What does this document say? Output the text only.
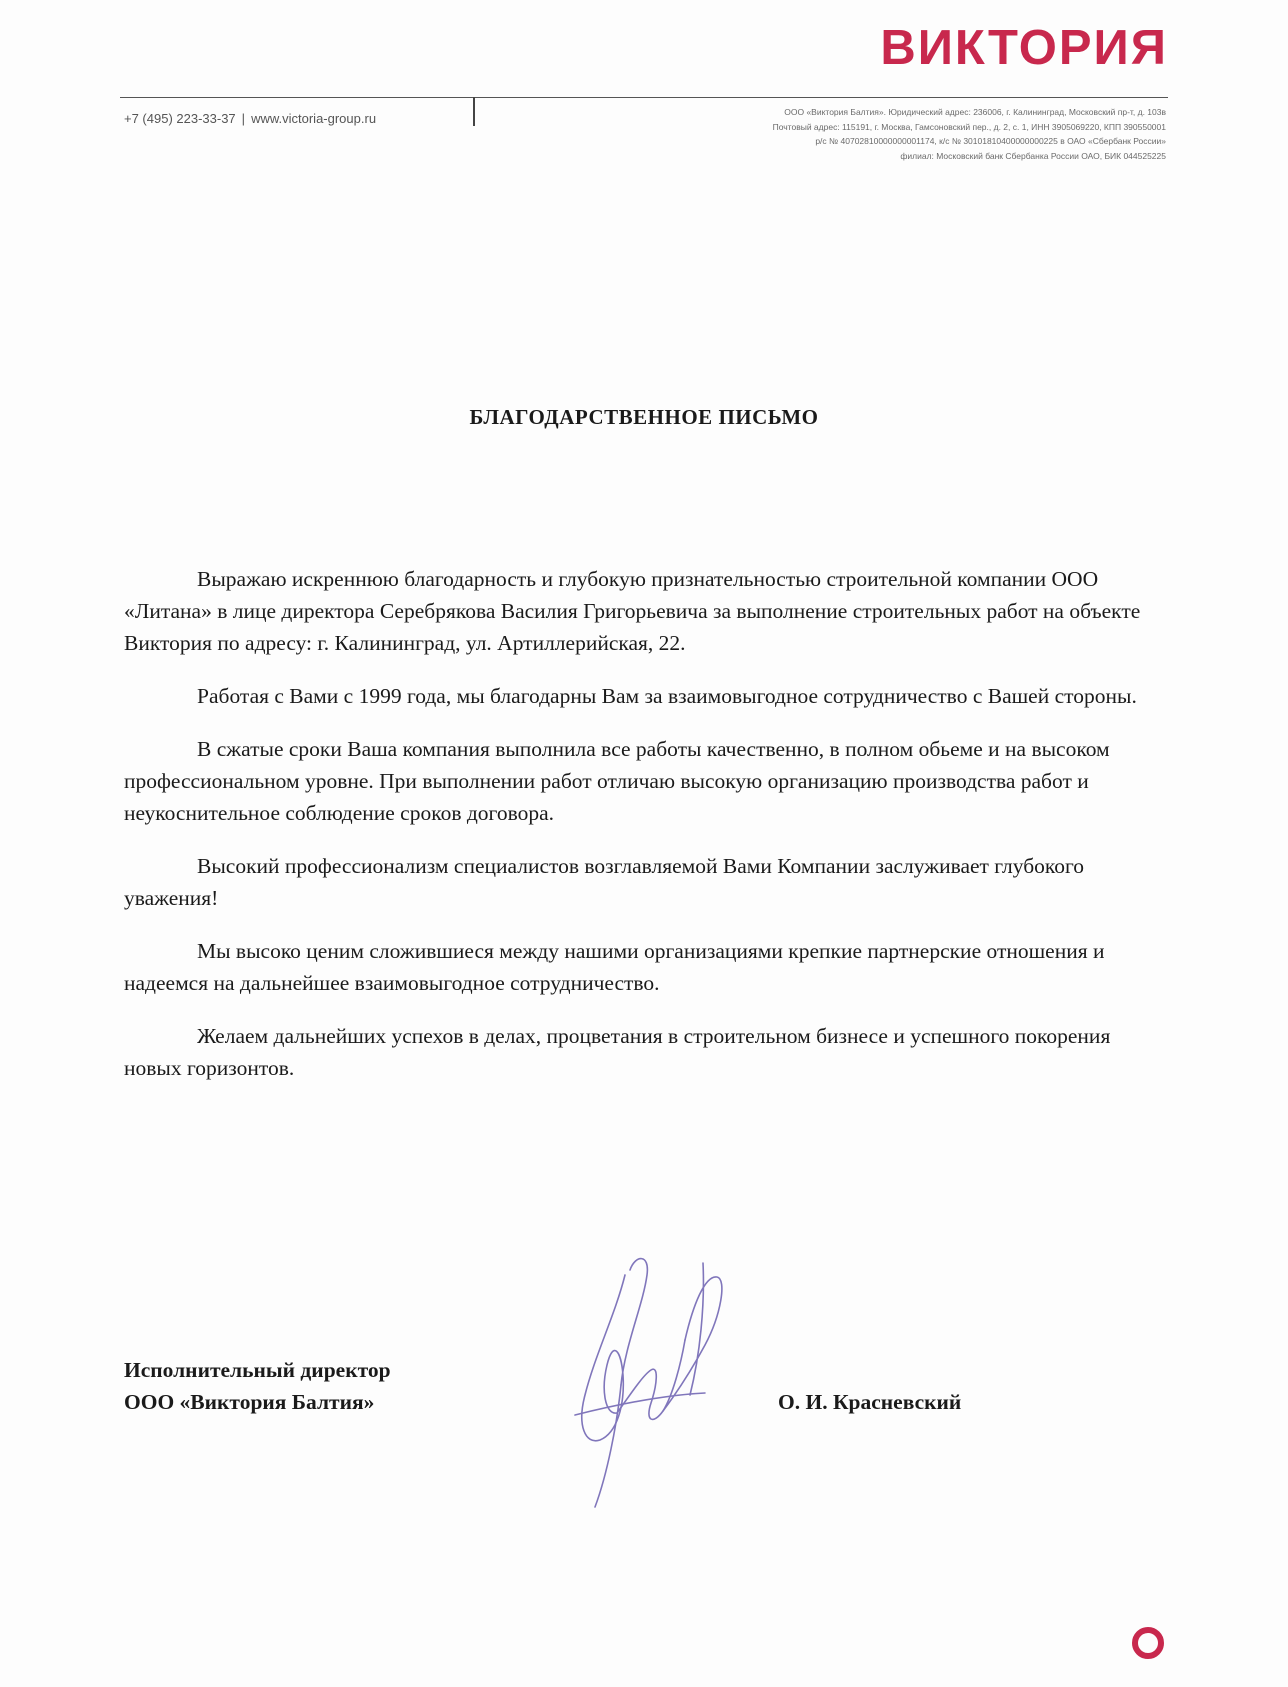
ВИКТОРИЯ
+7 (495) 223-33-37 | www.victoria-group.ru	ООО «Виктория Балтия». Юридический адрес: 236006, г. Калининград, Московский пр-т, д. 103в
Почтовый адрес: 115191, г. Москва, Гамсоновский пер., д. 2, с. 1, ИНН 3905069220, КПП 390550001
р/с № 40702810000000001174, к/с № 30101810400000000225 в ОАО «Сбербанк России»
филиал: Московский банк Сбербанка России ОАО, БИК 044525225
БЛАГОДАРСТВЕННОЕ ПИСЬМО

Выражаю искреннюю благодарность и глубокую признательностью строительной компании ООО «Литана» в лице директора Серебрякова Василия Григорьевича за выполнение строительных работ на объекте Виктория по адресу: г. Калининград, ул. Артиллерийская, 22.

Работая с Вами с 1999 года, мы благодарны Вам за взаимовыгодное сотрудничество с Вашей стороны.

В сжатые сроки Ваша компания выполнила все работы качественно, в полном обьеме и на высоком профессиональном уровне. При выполнении работ отличаю высокую организацию производства работ и неукоснительное соблюдение сроков договора.

Высокий профессионализм специалистов возглавляемой Вами Компании заслуживает глубокого уважения!

Мы высоко ценим сложившиеся между нашими организациями крепкие партнерские отношения и надеемся на дальнейшее взаимовыгодное сотрудничество.

Желаем дальнейших успехов в делах, процветания в строительном бизнесе и успешного покорения новых горизонтов.

Исполнительный директор
ООО «Виктория Балтия»	О. И. Красневский
